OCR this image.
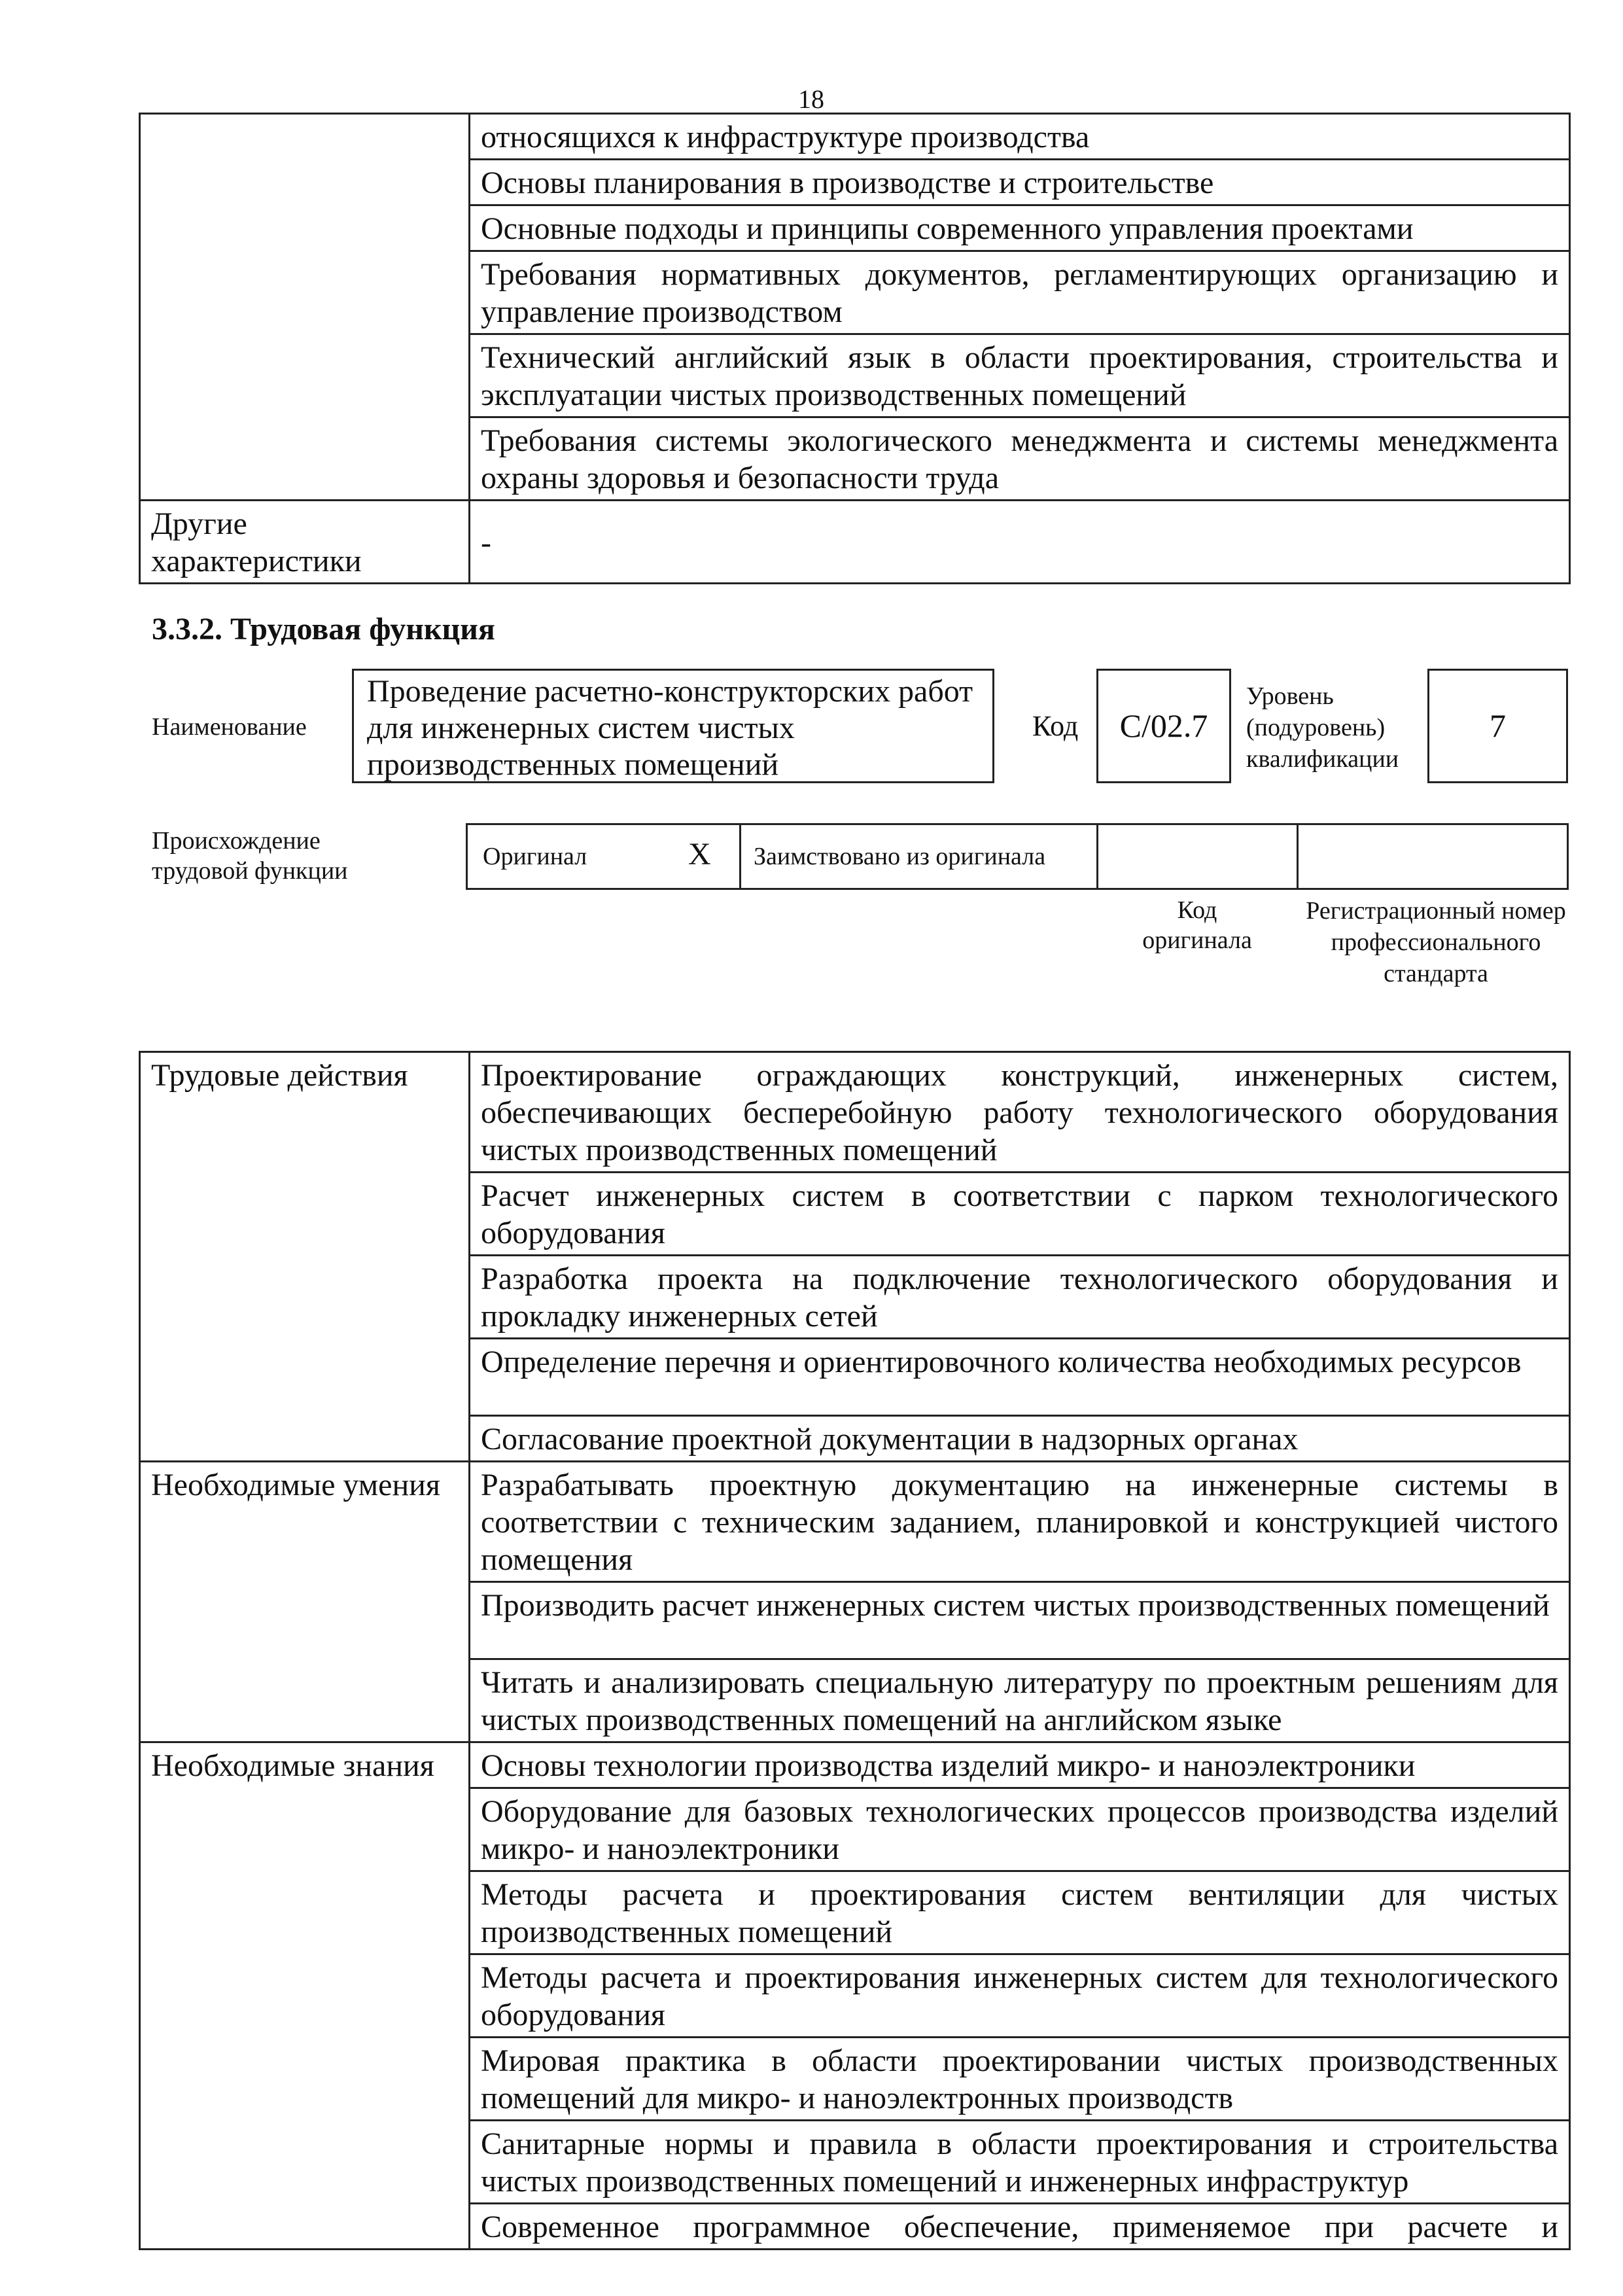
18
	относящихся к инфраструктуре производства
	Основы планирования в производстве и строительстве
	Основные подходы и принципы современного управления проектами
	Требования нормативных документов, регламентирующих организацию и управление производством
	Технический английский язык в области проектирования, строительства и эксплуатации чистых производственных помещений
	Требования системы экологического менеджмента и системы менеджмента охраны здоровья и безопасности труда
Другие характеристики	-
3.3.2. Трудовая функция
Наименование
Проведение расчетно-конструкторских работ для инженерных систем чистых производственных помещений
Код	C/02.7
Уровень (подуровень) квалификации
7
Происхождение трудовой функции
Оригинал	X Заимствовано из оригинала
Код оригинала
Регистрационный номер профессионального стандарта
Трудовые действия	Проектирование ограждающих конструкций, инженерных систем, обеспечивающих бесперебойную работу технологического оборудования чистых производственных помещений
	Расчет инженерных систем в соответствии с парком технологического оборудования
	Разработка проекта на подключение технологического оборудования и прокладку инженерных сетей
	Определение перечня и ориентировочного количества необходимых ресурсов
	Согласование проектной документации в надзорных органах
Необходимые умения	Разрабатывать проектную документацию на инженерные системы в соответствии с техническим заданием, планировкой и конструкцией чистого помещения
	Производить расчет инженерных систем чистых производственных помещений
	Читать и анализировать специальную литературу по проектным решениям для чистых производственных помещений на английском языке
Необходимые знания	Основы технологии производства изделий микро- и наноэлектроники
	Оборудование для базовых технологических процессов производства изделий микро- и наноэлектроники
	Методы расчета и проектирования систем вентиляции для чистых производственных помещений
	Методы расчета и проектирования инженерных систем для технологического оборудования
	Мировая практика в области проектировании чистых производственных помещений для микро- и наноэлектронных производств
	Санитарные нормы и правила в области проектирования и строительства чистых производственных помещений и инженерных инфраструктур
	Современное программное обеспечение, применяемое при расчете и
